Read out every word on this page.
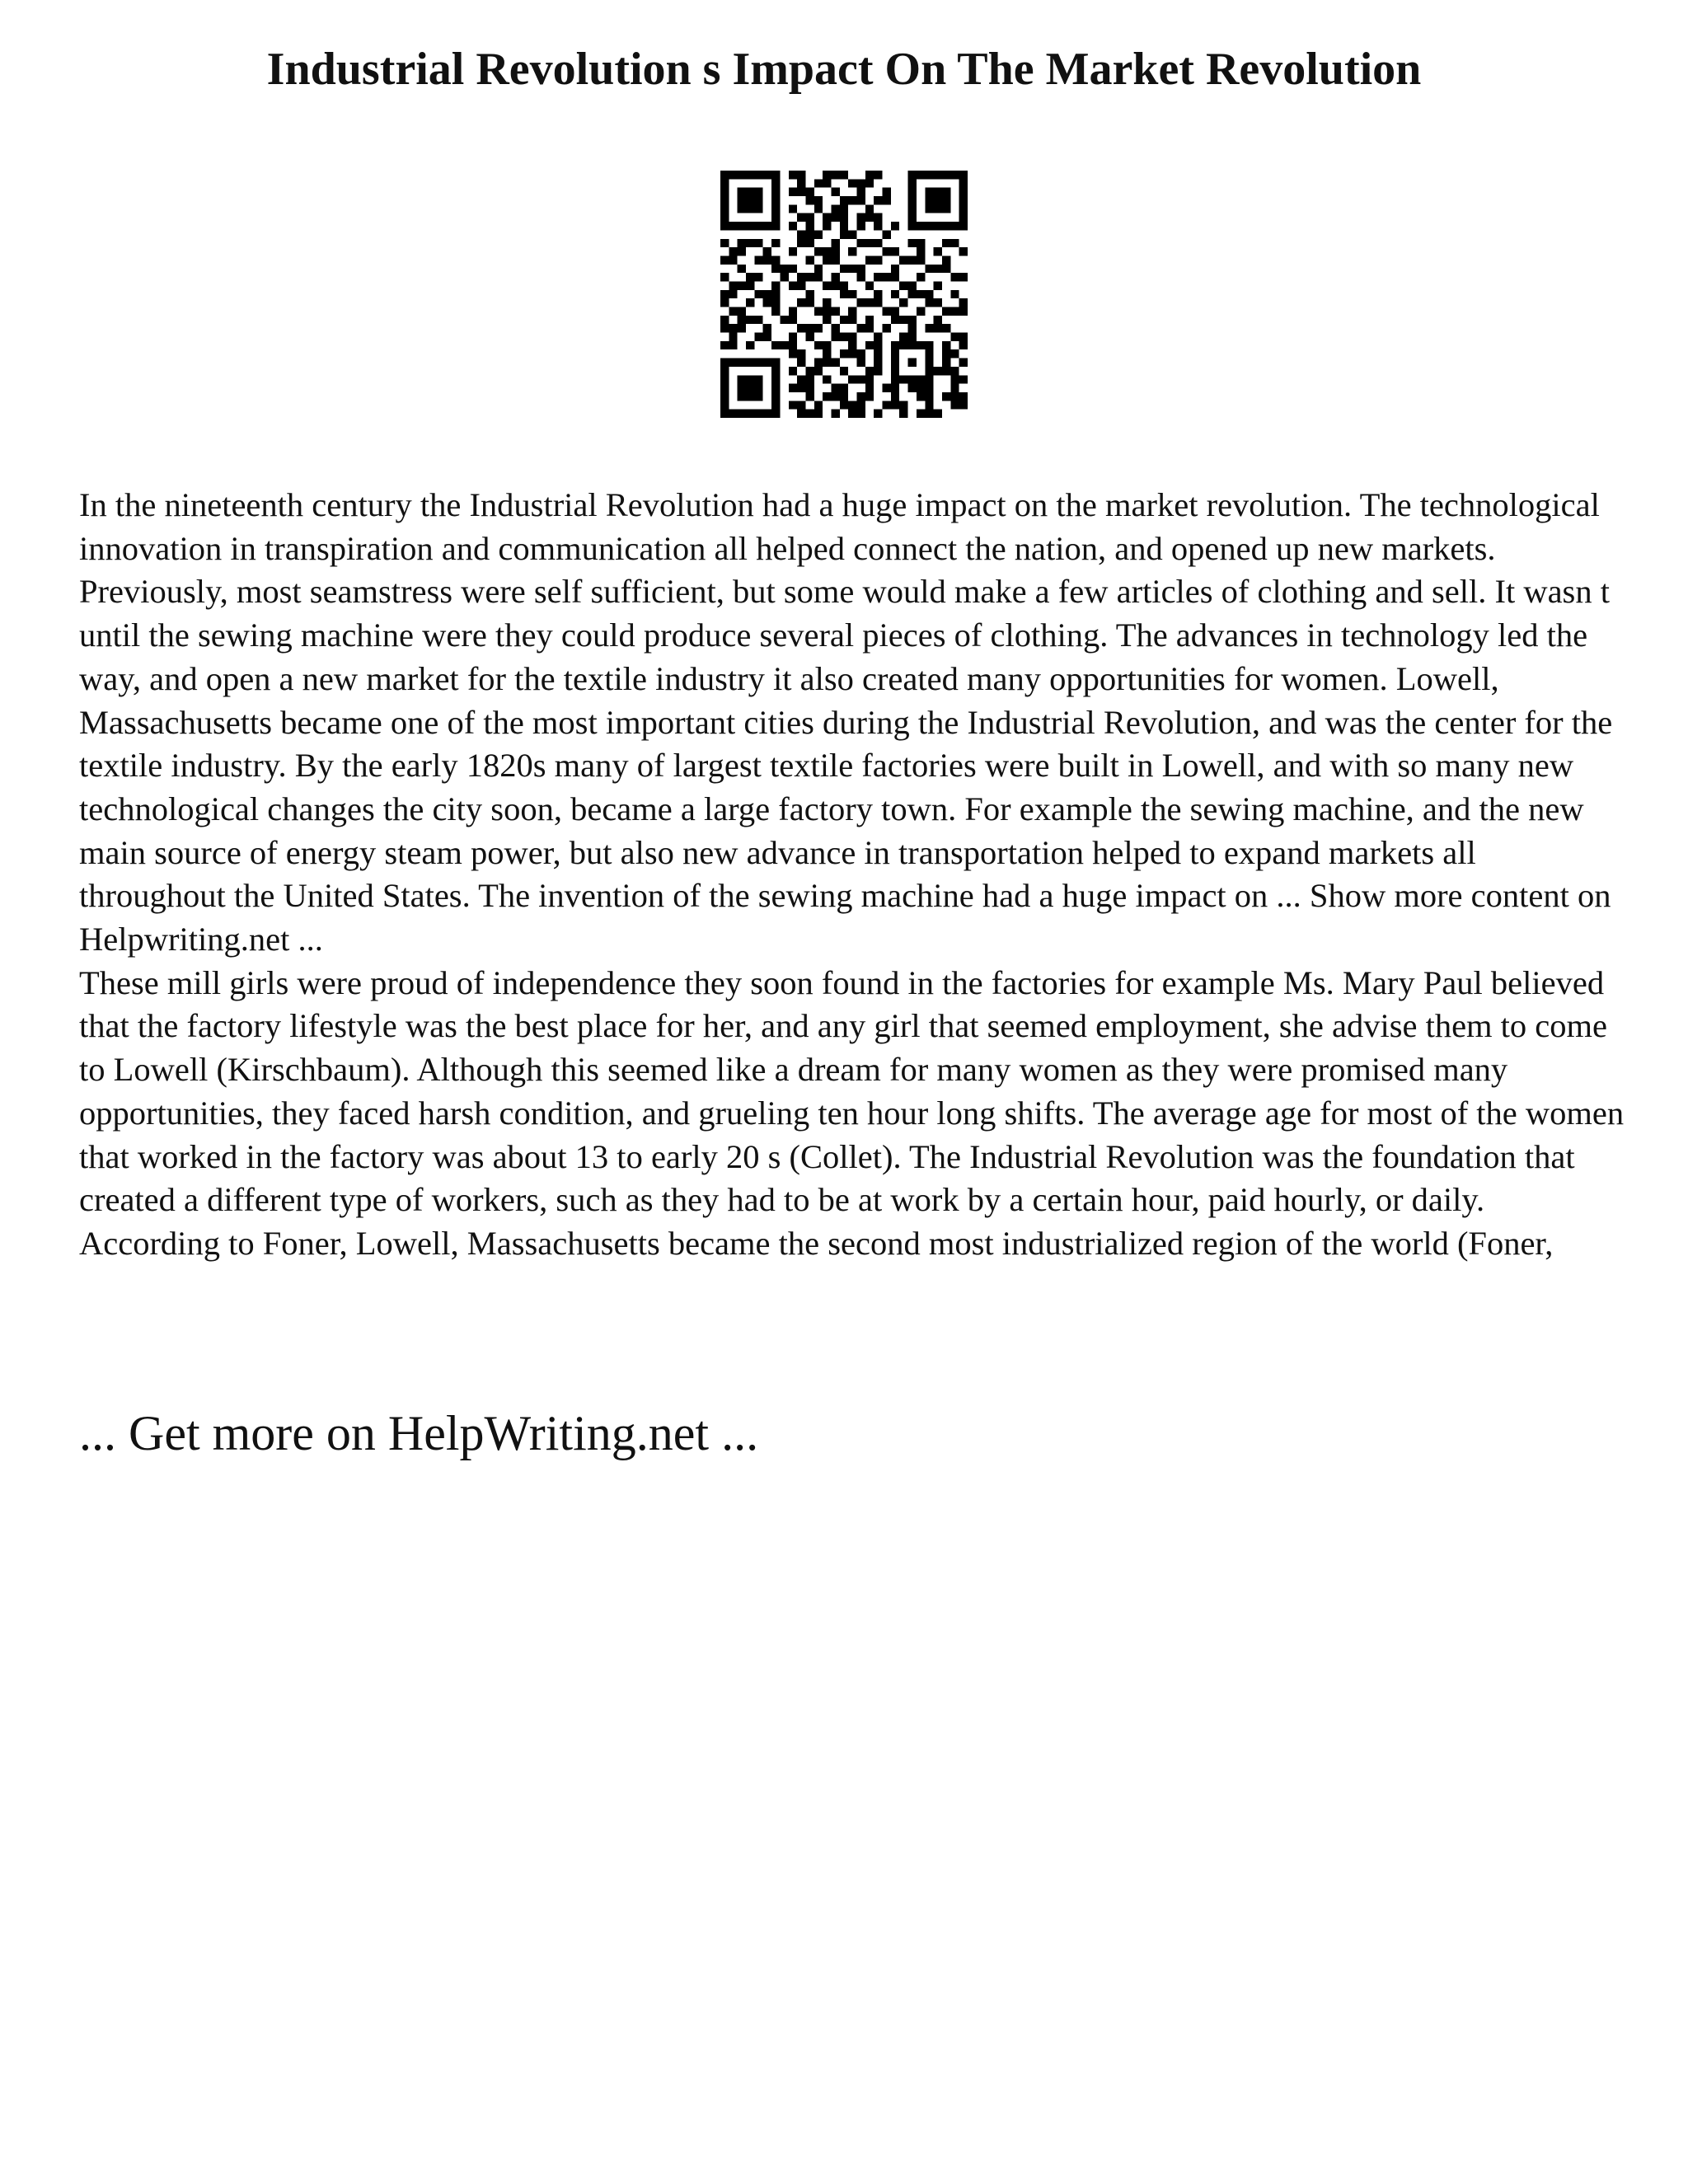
Industrial Revolution s Impact On The Market Revolution

In the nineteenth century the Industrial Revolution had a huge impact on the market revolution. The technological innovation in transpiration and communication all helped connect the nation, and opened up new markets. Previously, most seamstress were self sufficient, but some would make a few articles of clothing and sell. It wasn t until the sewing machine were they could produce several pieces of clothing. The advances in technology led the way, and open a new market for the textile industry it also created many opportunities for women. Lowell, Massachusetts became one of the most important cities during the Industrial Revolution, and was the center for the textile industry. By the early 1820s many of largest textile factories were built in Lowell, and with so many new technological changes the city soon, became a large factory town. For example the sewing machine, and the new main source of energy steam power, but also new advance in transportation helped to expand markets all throughout the United States. The invention of the sewing machine had a huge impact on ... Show more content on Helpwriting.net ...

These mill girls were proud of independence they soon found in the factories for example Ms. Mary Paul believed that the factory lifestyle was the best place for her, and any girl that seemed employment, she advise them to come to Lowell (Kirschbaum). Although this seemed like a dream for many women as they were promised many opportunities, they faced harsh condition, and grueling ten hour long shifts. The average age for most of the women that worked in the factory was about 13 to early 20 s (Collet). The Industrial Revolution was the foundation that created a different type of workers, such as they had to be at work by a certain hour, paid hourly, or daily. According to Foner, Lowell, Massachusetts became the second most industrialized region of the world (Foner,

... Get more on HelpWriting.net ...
